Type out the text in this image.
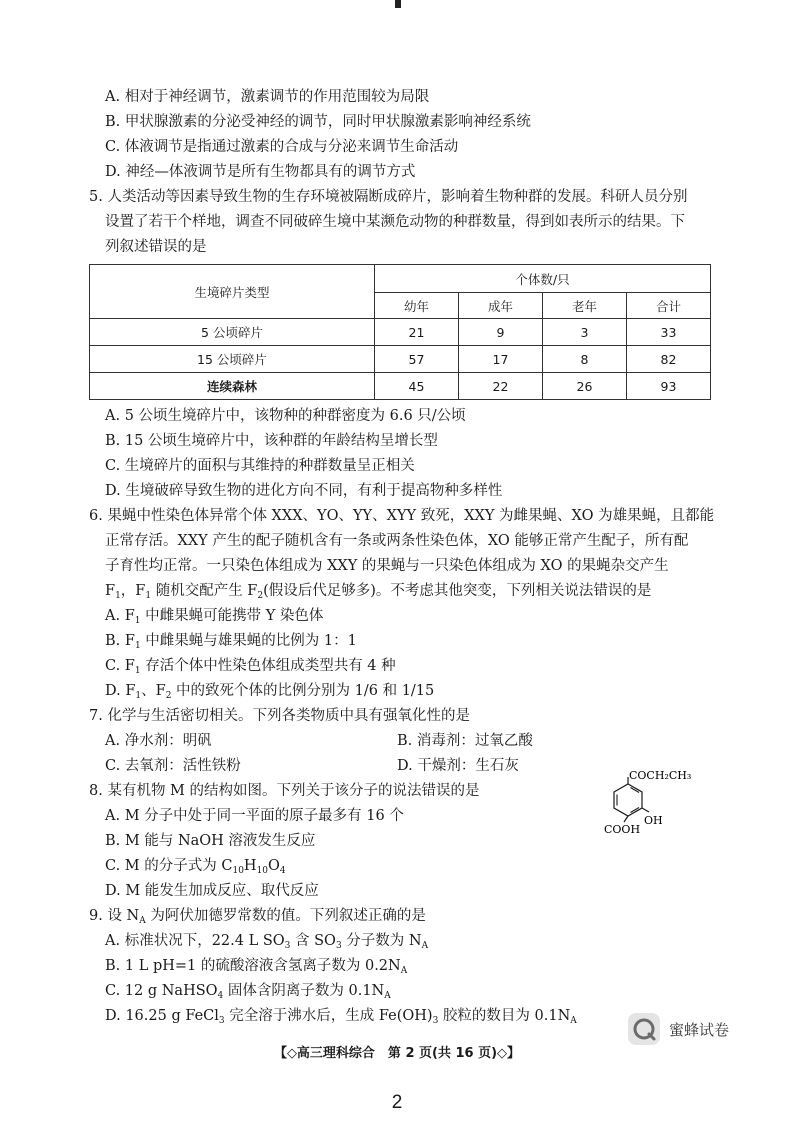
A. 相对于神经调节，激素调节的作用范围较为局限
B. 甲状腺激素的分泌受神经的调节，同时甲状腺激素影响神经系统
C. 体液调节是指通过激素的合成与分泌来调节生命活动
D. 神经—体液调节是所有生物都具有的调节方式
5. 人类活动等因素导致生物的生存环境被隔断成碎片，影响着生物种群的发展。科研人员分别
设置了若干个样地，调查不同破碎生境中某濒危动物的种群数量，得到如表所示的结果。下
列叙述错误的是
生境碎片类型	个体数/只			
	幼年	成年	老年	合计
5 公顷碎片	21	9	3	33
15 公顷碎片	57	17	8	82
连续森林	45	22	26	93
A. 5 公顷生境碎片中，该物种的种群密度为 6.6 只/公顷
B. 15 公顷生境碎片中，该种群的年龄结构呈增长型
C. 生境碎片的面积与其维持的种群数量呈正相关
D. 生境破碎导致生物的进化方向不同，有利于提高物种多样性
6. 果蝇中性染色体异常个体 XXX、YO、YY、XYY 致死，XXY 为雌果蝇、XO 为雄果蝇，且都能
正常存活。XXY 产生的配子随机含有一条或两条性染色体，XO 能够正常产生配子，所有配
子育性均正常。一只染色体组成为 XXY 的果蝇与一只染色体组成为 XO 的果蝇杂交产生
$F_1$，$F_1$ 随机交配产生 $F_2$(假设后代足够多)。不考虑其他突变，下列相关说法错误的是
A. $F_1$ 中雌果蝇可能携带 Y 染色体
B. $F_1$ 中雌果蝇与雄果蝇的比例为 1：1
C. $F_1$ 存活个体中性染色体组成类型共有 4 种
D. $F_1$、$F_2$ 中的致死个体的比例分别为 1/6 和 1/15
7. 化学与生活密切相关。下列各类物质中具有强氧化性的是
A. 净水剂：明矾	B. 消毒剂：过氧乙酸
C. 去氧剂：活性铁粉	D. 干燥剂：生石灰
8. 某有机物 M 的结构如图。下列关于该分子的说法错误的是
A. M 分子中处于同一平面的原子最多有 16 个
B. M 能与 NaOH 溶液发生反应
C. M 的分子式为 $C_{10}H_{10}O_4$
D. M 能发生加成反应、取代反应
COCH₂CH₃
OH
COOH
9. 设 $N_A$ 为阿伏加德罗常数的值。下列叙述正确的是
A. 标准状况下，22.4 L $SO_3$ 含 $SO_3$ 分子数为 $N_A$
B. 1 L pH=1 的硫酸溶液含氢离子数为 $0.2N_A$
C. 12 g NaHSO$_4$ 固体含阴离子数为 $0.1N_A$
D. 16.25 g FeCl$_3$ 完全溶于沸水后，生成 $Fe(OH)_3$ 胶粒的数目为 $0.1N_A$	蜜蜂试卷
【◇高三理科综合　第 2 页(共 16 页)◇】
2
